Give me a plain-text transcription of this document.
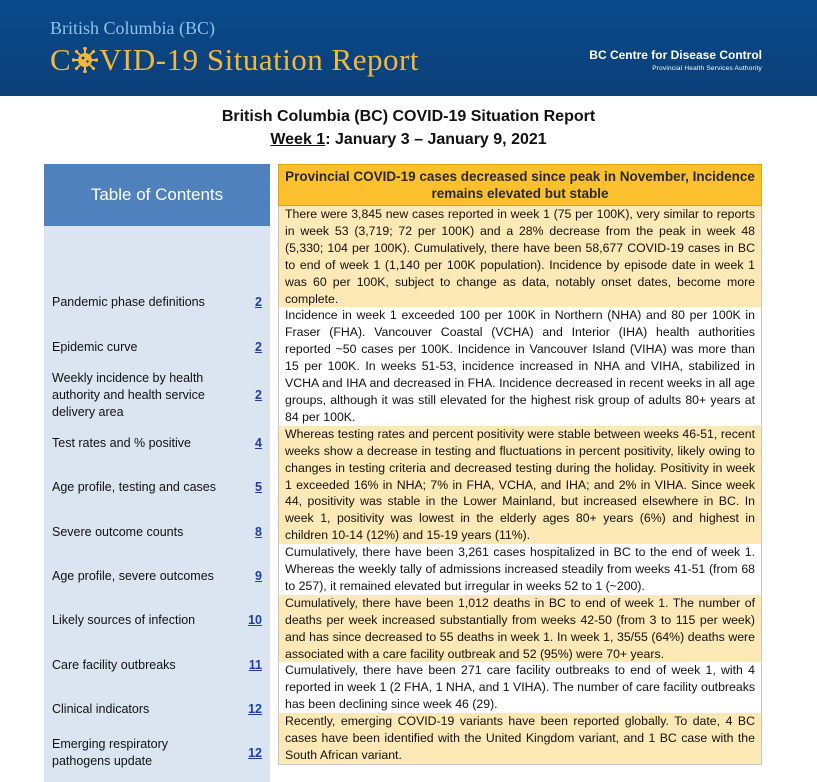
British Columbia (BC)
C VID-19 Situation Report	BC Centre for Disease Control
Provincial Health Services Authority
British Columbia (BC) COVID-19 Situation Report
Week 1: January 3 – January 9, 2021
Table of Contents
Pandemic phase definitions	2
Epidemic curve	2
Weekly incidence by health authority and health service delivery area
2
Test rates and % positive	4
Age profile, testing and cases	5
Severe outcome counts	8
Age profile, severe outcomes	9
Likely sources of infection	10
Care facility outbreaks	11
Clinical indicators	12
Emerging respiratory pathogens update
12
Provincial COVID-19 cases decreased since peak in November, Incidence remains elevated but stable
There were 3,845 new cases reported in week 1 (75 per 100K), very similar to reports in week 53 (3,719; 72 per 100K) and a 28% decrease from the peak in week 48 (5,330; 104 per 100K). Cumulatively, there have been 58,677 COVID-19 cases in BC to end of week 1 (1,140 per 100K population). Incidence by episode date in week 1 was 60 per 100K, subject to change as data, notably onset dates, become more complete.
Incidence in week 1 exceeded 100 per 100K in Northern (NHA) and 80 per 100K in Fraser (FHA). Vancouver Coastal (VCHA) and Interior (IHA) health authorities reported ~50 cases per 100K. Incidence in Vancouver Island (VIHA) was more than 15 per 100K. In weeks 51-53, incidence increased in NHA and VIHA, stabilized in VCHA and IHA and decreased in FHA. Incidence decreased in recent weeks in all age groups, although it was still elevated for the highest risk group of adults 80+ years at 84 per 100K.
Whereas testing rates and percent positivity were stable between weeks 46-51, recent weeks show a decrease in testing and fluctuations in percent positivity, likely owing to changes in testing criteria and decreased testing during the holiday. Positivity in week 1 exceeded 16% in NHA; 7% in FHA, VCHA, and IHA; and 2% in VIHA. Since week 44, positivity was stable in the Lower Mainland, but increased elsewhere in BC. In week 1, positivity was lowest in the elderly ages 80+ years (6%) and highest in children 10-14 (12%) and 15-19 years (11%).
Cumulatively, there have been 3,261 cases hospitalized in BC to the end of week 1. Whereas the weekly tally of admissions increased steadily from weeks 41-51 (from 68 to 257), it remained elevated but irregular in weeks 52 to 1 (~200).
Cumulatively, there have been 1,012 deaths in BC to end of week 1. The number of deaths per week increased substantially from weeks 42-50 (from 3 to 115 per week) and has since decreased to 55 deaths in week 1. In week 1, 35/55 (64%) deaths were associated with a care facility outbreak and 52 (95%) were 70+ years.
Cumulatively, there have been 271 care facility outbreaks to end of week 1, with 4 reported in week 1 (2 FHA, 1 NHA, and 1 VIHA). The number of care facility outbreaks has been declining since week 46 (29).
Recently, emerging COVID-19 variants have been reported globally. To date, 4 BC cases have been identified with the United Kingdom variant, and 1 BC case with the South African variant.
